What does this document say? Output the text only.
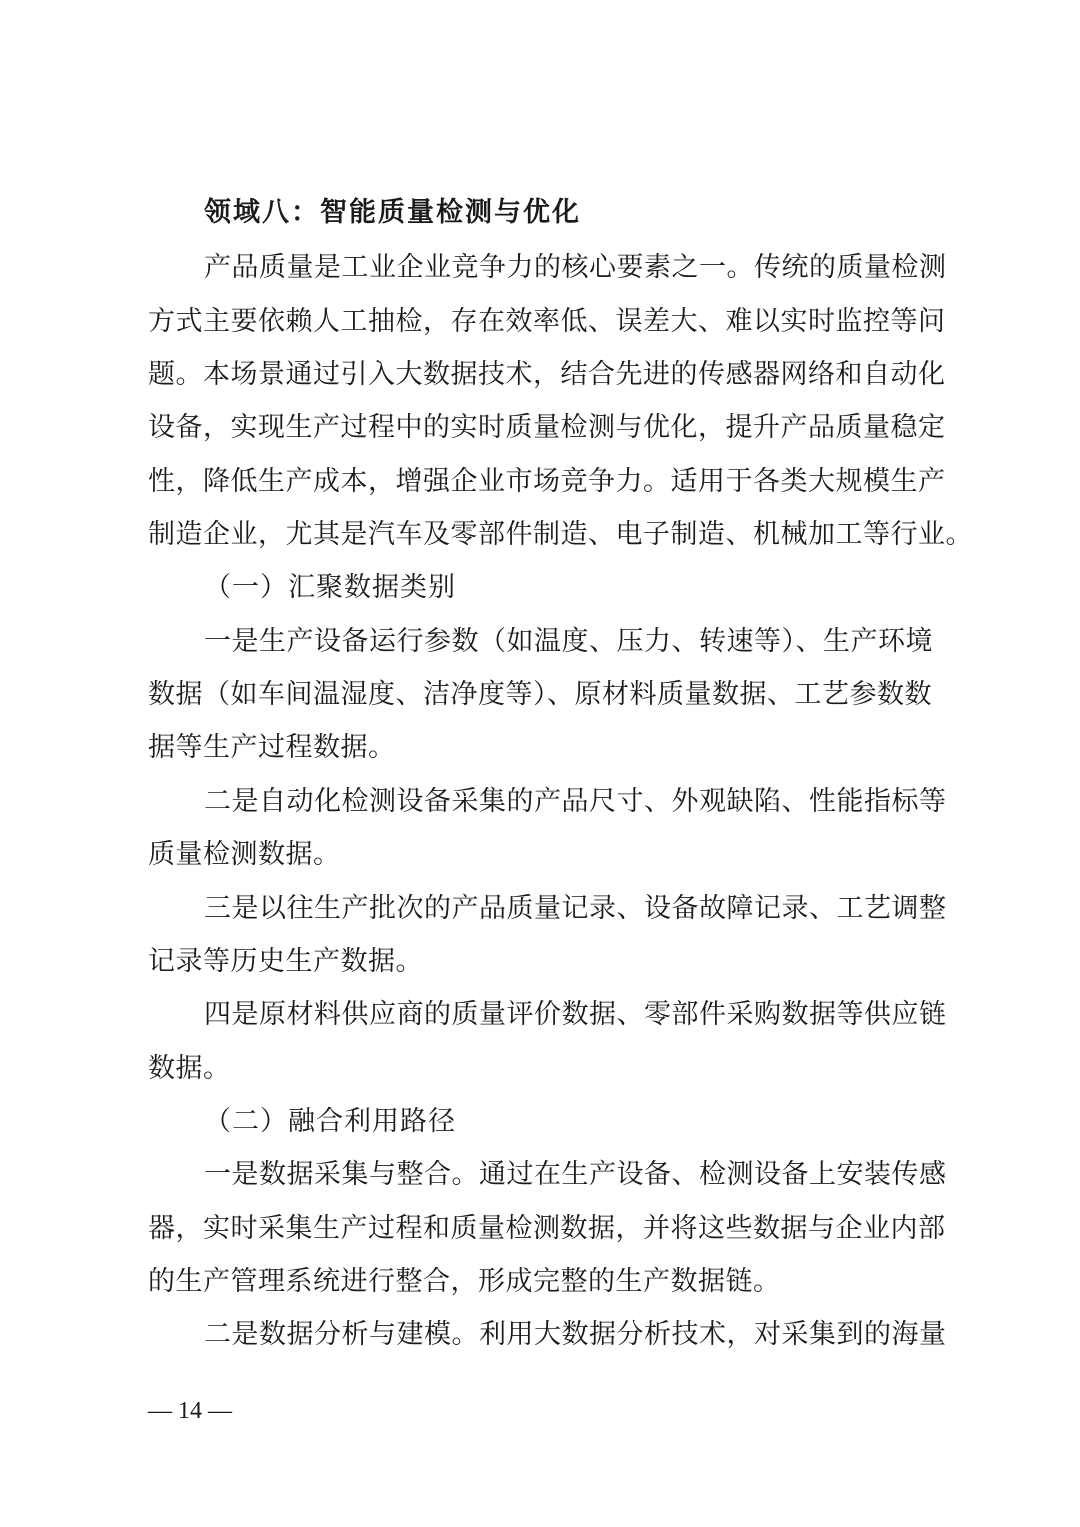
领域八：智能质量检测与优化
产品质量是工业企业竞争力的核心要素之一。传统的质量检测
方式主要依赖人工抽检，存在效率低、误差大、难以实时监控等问
题。本场景通过引入大数据技术，结合先进的传感器网络和自动化
设备，实现生产过程中的实时质量检测与优化，提升产品质量稳定
性，降低生产成本，增强企业市场竞争力。适用于各类大规模生产
制造企业，尤其是汽车及零部件制造、电子制造、机械加工等行业。
（一）汇聚数据类别
一是生产设备运行参数（如温度、压力、转速等）、生产环境
数据（如车间温湿度、洁净度等）、原材料质量数据、工艺参数数
据等生产过程数据。
二是自动化检测设备采集的产品尺寸、外观缺陷、性能指标等
质量检测数据。
三是以往生产批次的产品质量记录、设备故障记录、工艺调整
记录等历史生产数据。
四是原材料供应商的质量评价数据、零部件采购数据等供应链
数据。
（二）融合利用路径
一是数据采集与整合。通过在生产设备、检测设备上安装传感
器，实时采集生产过程和质量检测数据，并将这些数据与企业内部
的生产管理系统进行整合，形成完整的生产数据链。
二是数据分析与建模。利用大数据分析技术，对采集到的海量
— 14 —
